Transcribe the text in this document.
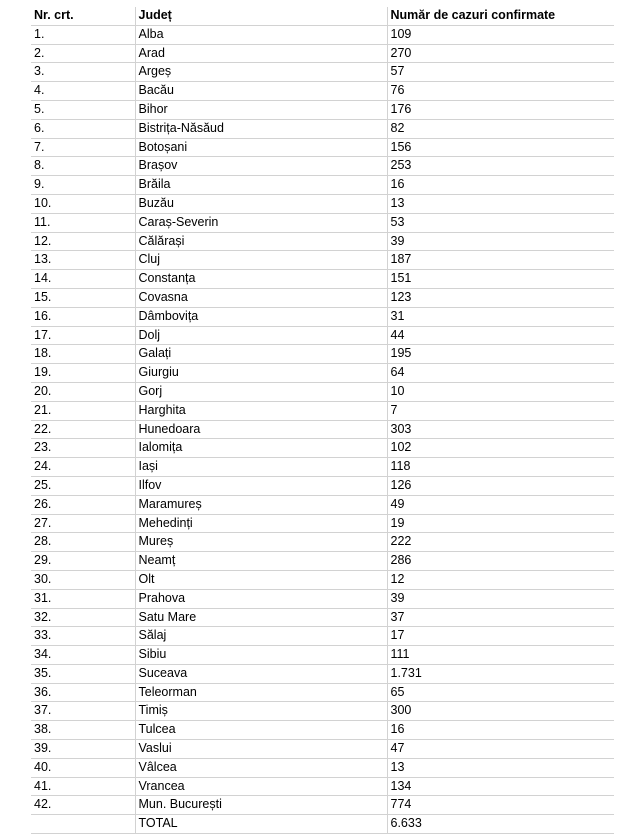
Nr. crt.	Județ	Număr de cazuri confirmate
1.	Alba	109
2.	Arad	270
3.	Argeș	57
4.	Bacău	76
5.	Bihor	176
6.	Bistrița-Năsăud	82
7.	Botoșani	156
8.	Brașov	253
9.	Brăila	16
10.	Buzău	13
11.	Caraș-Severin	53
12.	Călărași	39
13.	Cluj	187
14.	Constanța	151
15.	Covasna	123
16.	Dâmbovița	31
17.	Dolj	44
18.	Galați	195
19.	Giurgiu	64
20.	Gorj	10
21.	Harghita	7
22.	Hunedoara	303
23.	Ialomița	102
24.	Iași	118
25.	Ilfov	126
26.	Maramureș	49
27.	Mehedinți	19
28.	Mureș	222
29.	Neamț	286
30.	Olt	12
31.	Prahova	39
32.	Satu Mare	37
33.	Sălaj	17
34.	Sibiu	111
35.	Suceava	1.731
36.	Teleorman	65
37.	Timiș	300
38.	Tulcea	16
39.	Vaslui	47
40.	Vâlcea	13
41.	Vrancea	134
42.	Mun. București	774
	TOTAL	6.633
